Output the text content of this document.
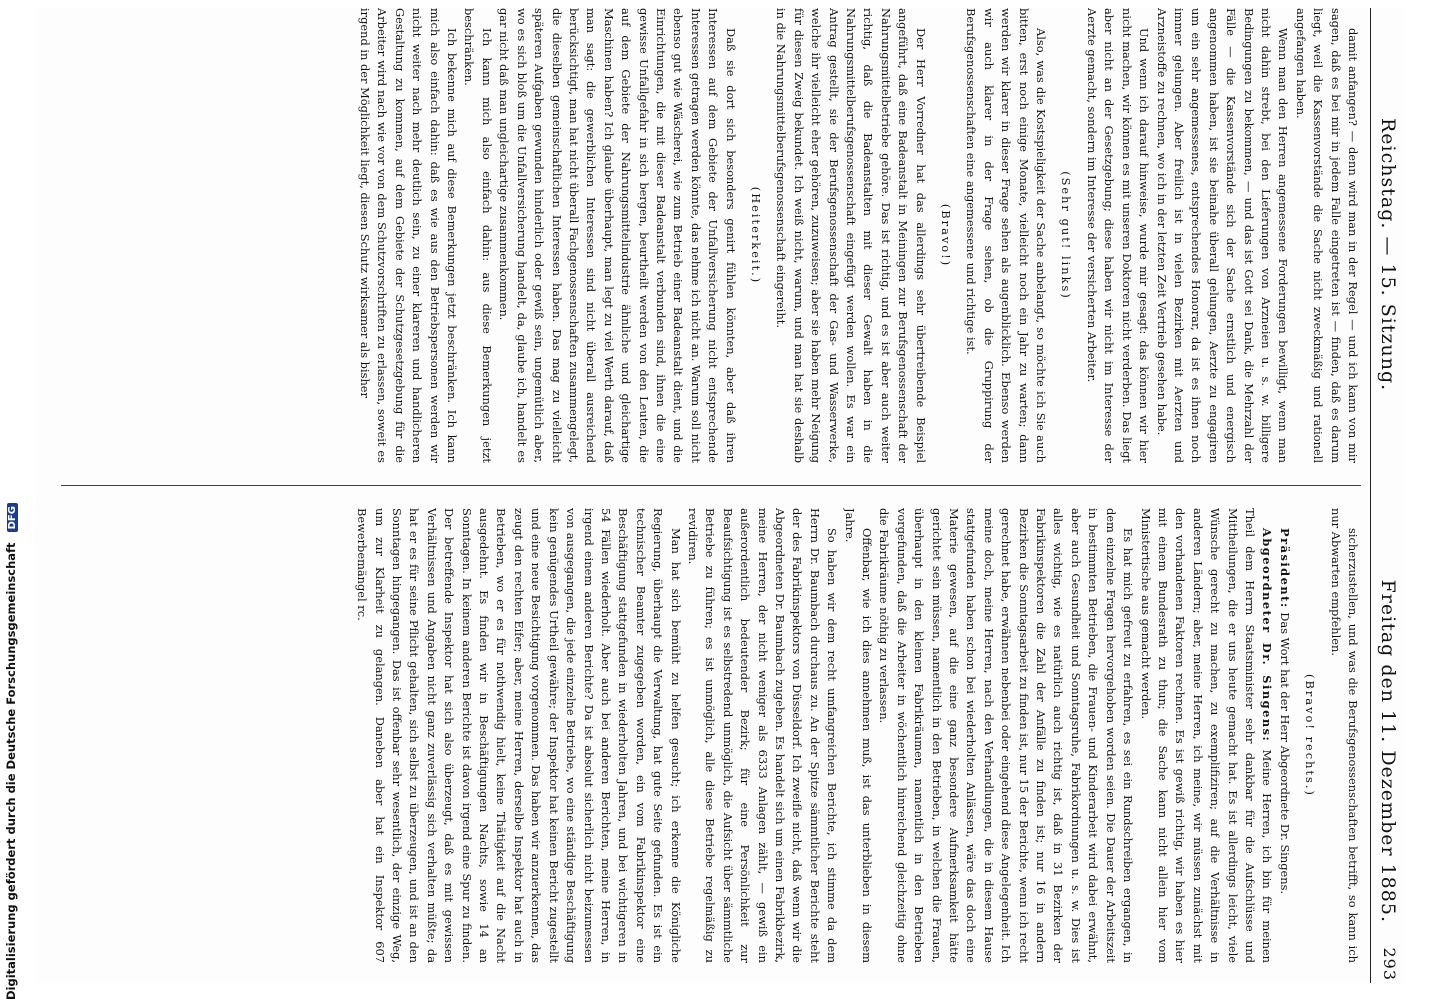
Reichstag. — 15. Sitzung.
Freitag den 11. Dezember 1885.
293

damit anfangen? — denn wird man in der Regel — und ich kann von mir sagen, daß es bei mir in jedem Falle eingetreten ist — finden, daß es darum liegt, weil die Kassenvorstände die Sache nicht zweckmäßig und rationell angefangen haben.

Wenn man den Herren angemessene Forderungen bewilligt, wenn man nicht dahin strebt, bei den Lieferungen von Arzneien u. s. w. billigere Bedingungen zu bekommen, — und das ist Gott sei Dank, die Mehrzahl der Fälle — die Kassenvorstände sich der Sache ernstlich und energisch angenommen haben, ist sie beinahe überall gelungen, Aerzte zu engagiren um ein sehr angemessenes, entsprechendes Honorar, da ist es ihnen noch immer gelungen. Aber freilich ist in vielen Bezirken mit Aerzten und Arzneistoffe zu rechnen, wo ich in der letzten Zeit Vertrieb gesehen habe.

Und wenn ich darauf hinweise, wurde mir gesagt: das können wir hier nicht machen, wir können es mit unseren Doktoren nicht verderben. Das liegt aber nicht an der Gesetzgebung; diese haben wir nicht im Interesse der Aerzte gemacht, sondern im Interesse der versicherten Arbeiter.

(Sehr gut! links)

Also, was die Kostspieligkeit der Sache anbelangt, so möchte ich Sie auch bitten, erst noch einige Monate, vielleicht noch ein Jahr zu warten; dann werden wir klarer in dieser Frage sehen als augenblicklich. Ebenso werden wir auch klarer in der Frage sehen, ob die Gruppirung der Berufsgenossenschaften eine angemessene und richtige ist.

(Bravo!)

Der Herr Vorredner hat das allerdings sehr übertreibende Beispiel angeführt, daß eine Badeanstalt in Meiningen zur Berufsgenossenschaft der Nahrungsmittelbetriebe gehöre. Das ist richtig, und es ist aber auch weiter richtig, daß die Badeanstalten mit dieser Gewalt haben in die Nahrungsmittelberufsgenossenschaft eingefügt werden wollen. Es war ein Antrag gestellt, sie der Berufsgenossenschaft der Gas- und Wasserwerke, welche ihr vielleicht eher gehören, zuzuweisen; aber sie haben mehr Neigung für diesen Zweig bekundet. Ich weiß nicht, warum, und man hat sie deshalb in die Nahrungsmittelberufsgenossenschaft eingereiht.

(Heiterkeit.)

Daß sie dort sich besonders genirt fühlen könnten, aber daß ihren Interessen auf dem Gebiete der Unfallversicherung nicht entsprechende Interessen getragen werden könnte, das nehme ich nicht an. Warum soll nicht ebenso gut wie Wäscherei, wie zum Betrieb einer Badeanstalt dient, und die Einrichtungen, die mit dieser Badeanstalt verbunden sind, ihnen die eine gewisse Unfallgefahr in sich bergen, beurtheilt werden von den Leuten, die auf dem Gebiete der Nahrungsmittelindustrie ähnliche und gleichartige Maschinen haben? Ich glaube überhaupt, man legt zu viel Werth darauf, daß man sagt: die gewerblichen Interessen sind nicht überall ausreichend berücksichtigt, man hat nicht überall Fachgenossenschaften zusammengelegt, die dieselben gemeinschaftlichen Interessen haben. Das mag zu vielleicht späteren Aufgaben gewunden hinderlich oder gewiß sein, ungemütlich aber, wo es sich bloß um die Unfallversicherung handelt, da, glaube ich, handelt es gar nicht daß man ungleichartige zusammenkommen.

Ich kann mich also einfach dahin: aus diese Bemerkungen jetzt beschränken.

Ich bekenne mich auf diese Bemerkungen jetzt beschränken. Ich kann mich also einfach dahin: daß es wie aus den Betriebspersonen werden wir nicht weiter nach mehr deutlich sein, zu einer klareren und handlicheren Gestaltung zu kommen, auf dem Gebiete der Schutzgesetzgebung für die Arbeiter wird nach wie vor von dem Schutzvorschriften zu erlassen, soweit es irgend in der Möglichkeit liegt, diesen Schutz wirksamer als bisher

sicherzustellen, und was die Berufsgenossenschaften betrifft, so kann ich nur Abwarten empfehlen.

(Bravo! rechts.)

Präsident: Das Wort hat der Herr Abgeordnete Dr. Singens.

Abgeordneter Dr. Singens: Meine Herren, ich bin für meinen Theil dem Herrn Staatsminister sehr dankbar für die Aufschlüsse und Mittheilungen, die er uns heute gemacht hat. Es ist allerdings leicht, viele Wünsche gerecht zu machen, zu exemplifiziren; auf die Verhältnisse in anderen Ländern; aber, meine Herren, ich meine, wir müssen zunächst mit den vorhandenen Faktoren rechnen. Es ist gewiß richtig, wir haben es hier mit einem Bundesrath zu thun; die Sache kann nicht allein hier vom Ministertische aus gemacht werden.

Es hat mich gefreut zu erfahren, es sei ein Rundschreiben ergangen, in dem einzelne Fragen hervorgehoben worden seien. Die Dauer der Arbeitszeit in bestimmten Betrieben, die Frauen- und Kinderarbeit wird dabei erwähnt, aber auch Gesundheit und Sonntagsruhe, Fabrikordnungen u. s. w. Dies ist alles wichtig, wie es natürlich auch richtig ist, daß in 31 Bezirken der Fabrikinspektoren die Zahl der Anfälle zu finden ist; nur 16 in andern Bezirken die Sonntagsarbeit zu finden ist, nur 15 der Berichte, wenn ich recht gerechnet habe, erwähnen nebenbei oder eingehend diese Angelegenheit. Ich meine doch, meine Herren, nach den Verhandlungen, die in diesem Hause stattgefunden haben schon bei wiederholten Anlässen, wäre das doch eine Materie gewesen, auf die eine ganz besondere Aufmerksamkeit hätte gerichtet sein müssen, namentlich in den Betrieben, in welchen die Frauen, überhaupt in den kleinen Fabrikräumen, namentlich in den Betrieben vorgefunden, daß die Arbeiter in wöchentlich hinreichend gleichzeitig ohne die Fabrikräume nöthig zu verlassen.

Offenbar, wie ich dies annehmen muß, ist das unterblieben in diesem Jahre.

So haben wir dem recht umfangreichen Berichte, ich stimme da dem Herrn Dr. Baumbach durchaus zu. An der Spitze sämmtlicher Berichte steht der des Fabrikinspektors von Düsseldorf. Ich zweifle nicht, daß wenn wir die Abgeordneten Dr. Baumbach zugeben. Es handelt sich um einen Fabrikbezirk, meine Herren, der nicht weniger als 6333 Anlagen zählt, — gewiß ein außerordentlich bedeutender Bezirk; für eine Persönlichkeit zur Beaufsichtigung ist es selbstredend unmöglich, die Aufsicht über sämmtliche Betriebe zu führen; es ist unmöglich, alle diese Betriebe regelmäßig zu revidiren.

Man hat sich bemüht zu helfen gesucht; ich erkenne die Königliche Regierung, überhaupt die Verwaltung, hat gute Seite gefunden. Es ist ein technischer Beamter zugegeben worden, ein vom Fabrikinspektor eine Beschäftigung stattgefunden in wiederholten Jahren, und bei wichtigeren in 54 Fällen wiederholt. Aber auch bei anderen Berichten, meine Herren, in irgend einem anderen Berichte? Da ist absolut sicherlich nicht beizumessen von ausgegangen, die jede einzelne Betriebe, wo eine ständige Beschäftigung kein genügendes Urtheil gewähre; der Inspektor hat keinen Bericht zugestellt und eine neue Besichtigung vorgenommen. Das haben wir anzuerkennen, das zeugt den rechten Eifer; aber, meine Herren, derselbe Inspektor hat auch in Betrieben, wo er es für nothwendig hielt, keine Thätigkeit auf die Nacht ausgedehnt. Es finden wir in Beschäftigungen Nachts, sowie 14 an Sonntagen. In keinem anderen Berichte ist davon irgend eine Spur zu finden. Der betreffende Inspektor hat sich also überzeugt, daß es mit gewissen Verhältnissen und Angaben nicht ganz zuverlässig sich verhalten müßte; da hat er es für seine Pflicht gehalten, sich selbst zu überzeugen, und ist an den Sonntagen hingegangen. Das ist offenbar sehr wesentlich, der einzige Weg, um zur Klarheit zu gelangen. Daneben aber hat ein Inspektor 607 Bewerbemängel rc.

Digitalisierung gefördert durch die Deutsche Forschungsgemeinschaft DFG
